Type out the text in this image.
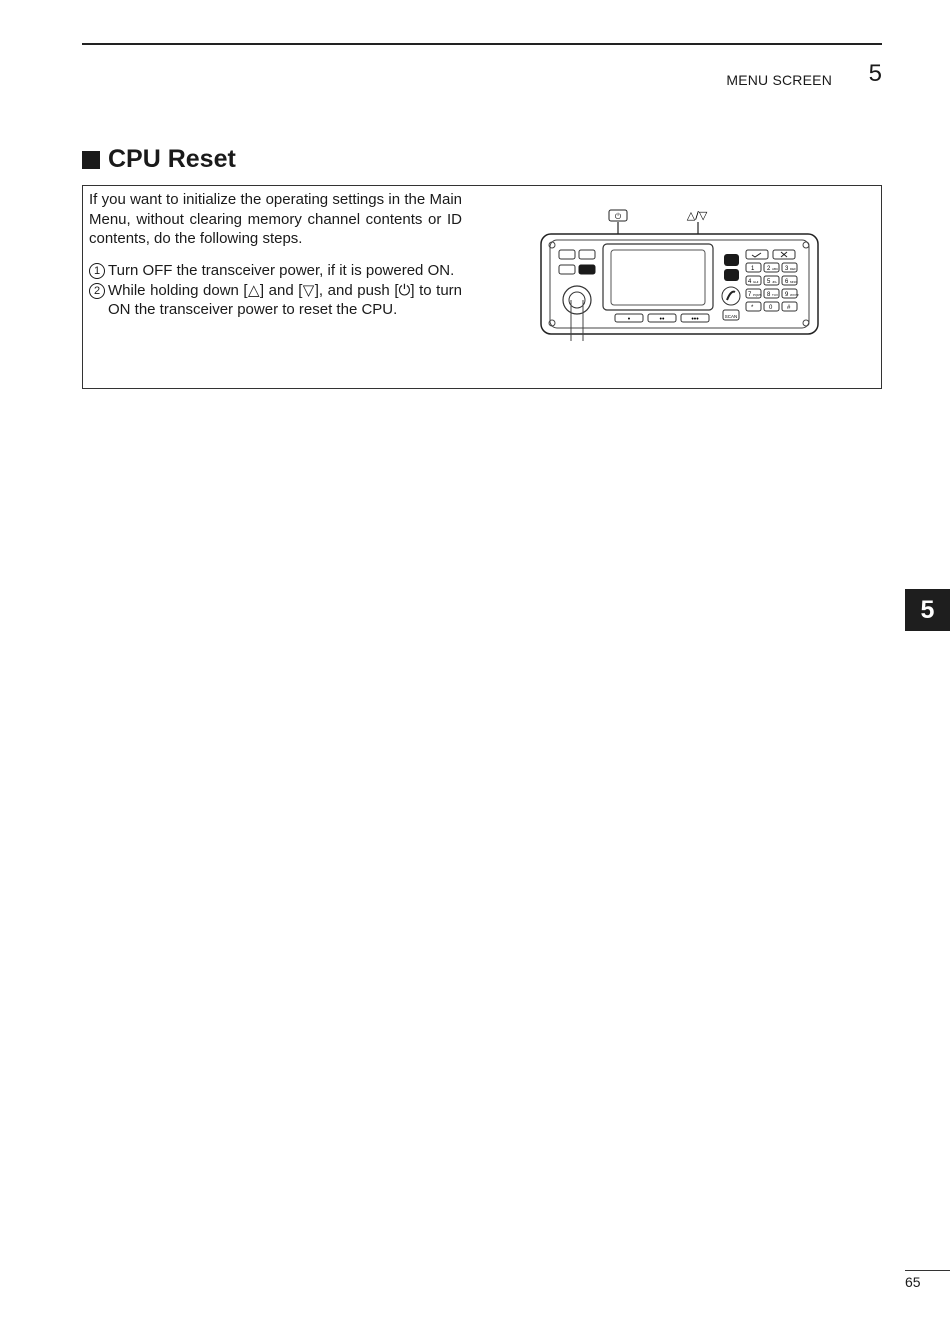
MENU SCREEN 5
CPU Reset

If you want to initialize the operating settings in the Main Menu, without clearing memory channel contents or ID contents, do the following steps.

1 Turn OFF the transceiver power, if it is powered ON.
2 While holding down [△] and [▽], and push [⏻] to turn ON the transceiver power to reset the CPU.
⏻	△/▽
•	••	•••	SCAN
1 2 ABC 3 DEF
4 GHI 5 JKL 6 MNO
7 PQRS 8 TUV 9 WXYZ
*	0 #
5
65
